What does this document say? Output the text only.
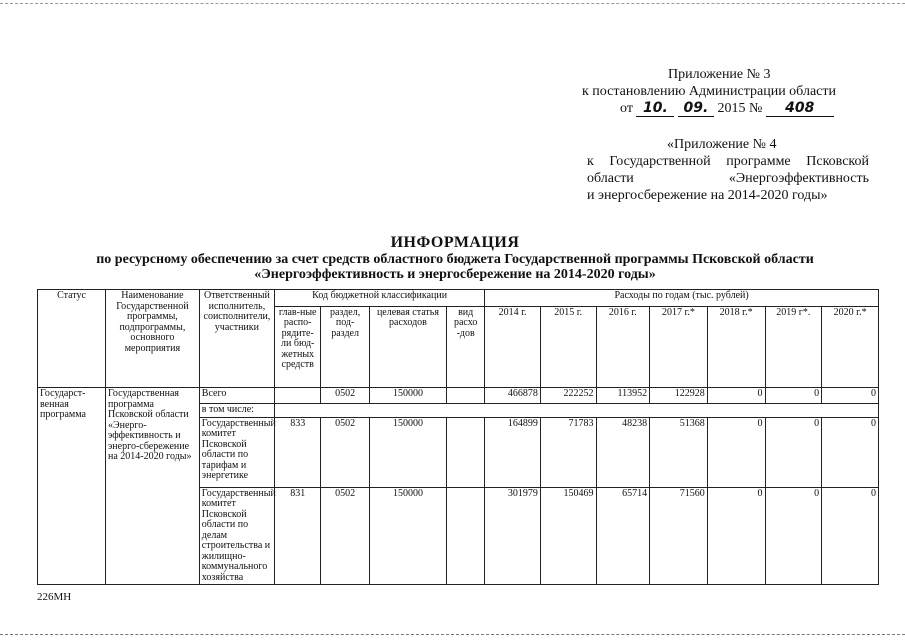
Приложение № 3
к постановлению Администрации области
от 10. 09. 2015 № 408
«Приложение № 4
к Государственной программе Псковской
области	«Энергоэффективность
и энергосбережение на 2014-2020 годы»
ИНФОРМАЦИЯ
по ресурсному обеспечению за счет средств областного бюджета Государственной программы Псковской области
«Энергоэффективность и энергосбережение на 2014-2020 годы»
Статус	Наименование Государственной программы, подпрограммы, основного мероприятия	Ответственный исполнитель, соисполнители, участники	Код бюджетной классификации				Расходы по годам (тыс. рублей)						
			глав-ные распо-рядите-ли бюд-жетных средств	раздел, под-раздел	целевая статья расходов	вид расхо -дов	2014 г.	2015 г.	2016 г.	2017 г.*	2018 г.*	2019 г*.	2020 г.*
Государст-венная программа	Государственная программа Псковской области «Энерго-эффективность и энерго-сбережение на 2014-2020 годы»	Всего		0502	150000		466878	222252	113952	122928	0	0	0
		в том числе:											
		Государственный комитет Псковской области по тарифам и энергетике	833	0502	150000		164899	71783	48238	51368	0	0	0
		Государственный комитет Псковской области по делам строительства и жилищно-коммунального хозяйства	831	0502	150000		301979	150469	65714	71560	0	0	0
226МН
